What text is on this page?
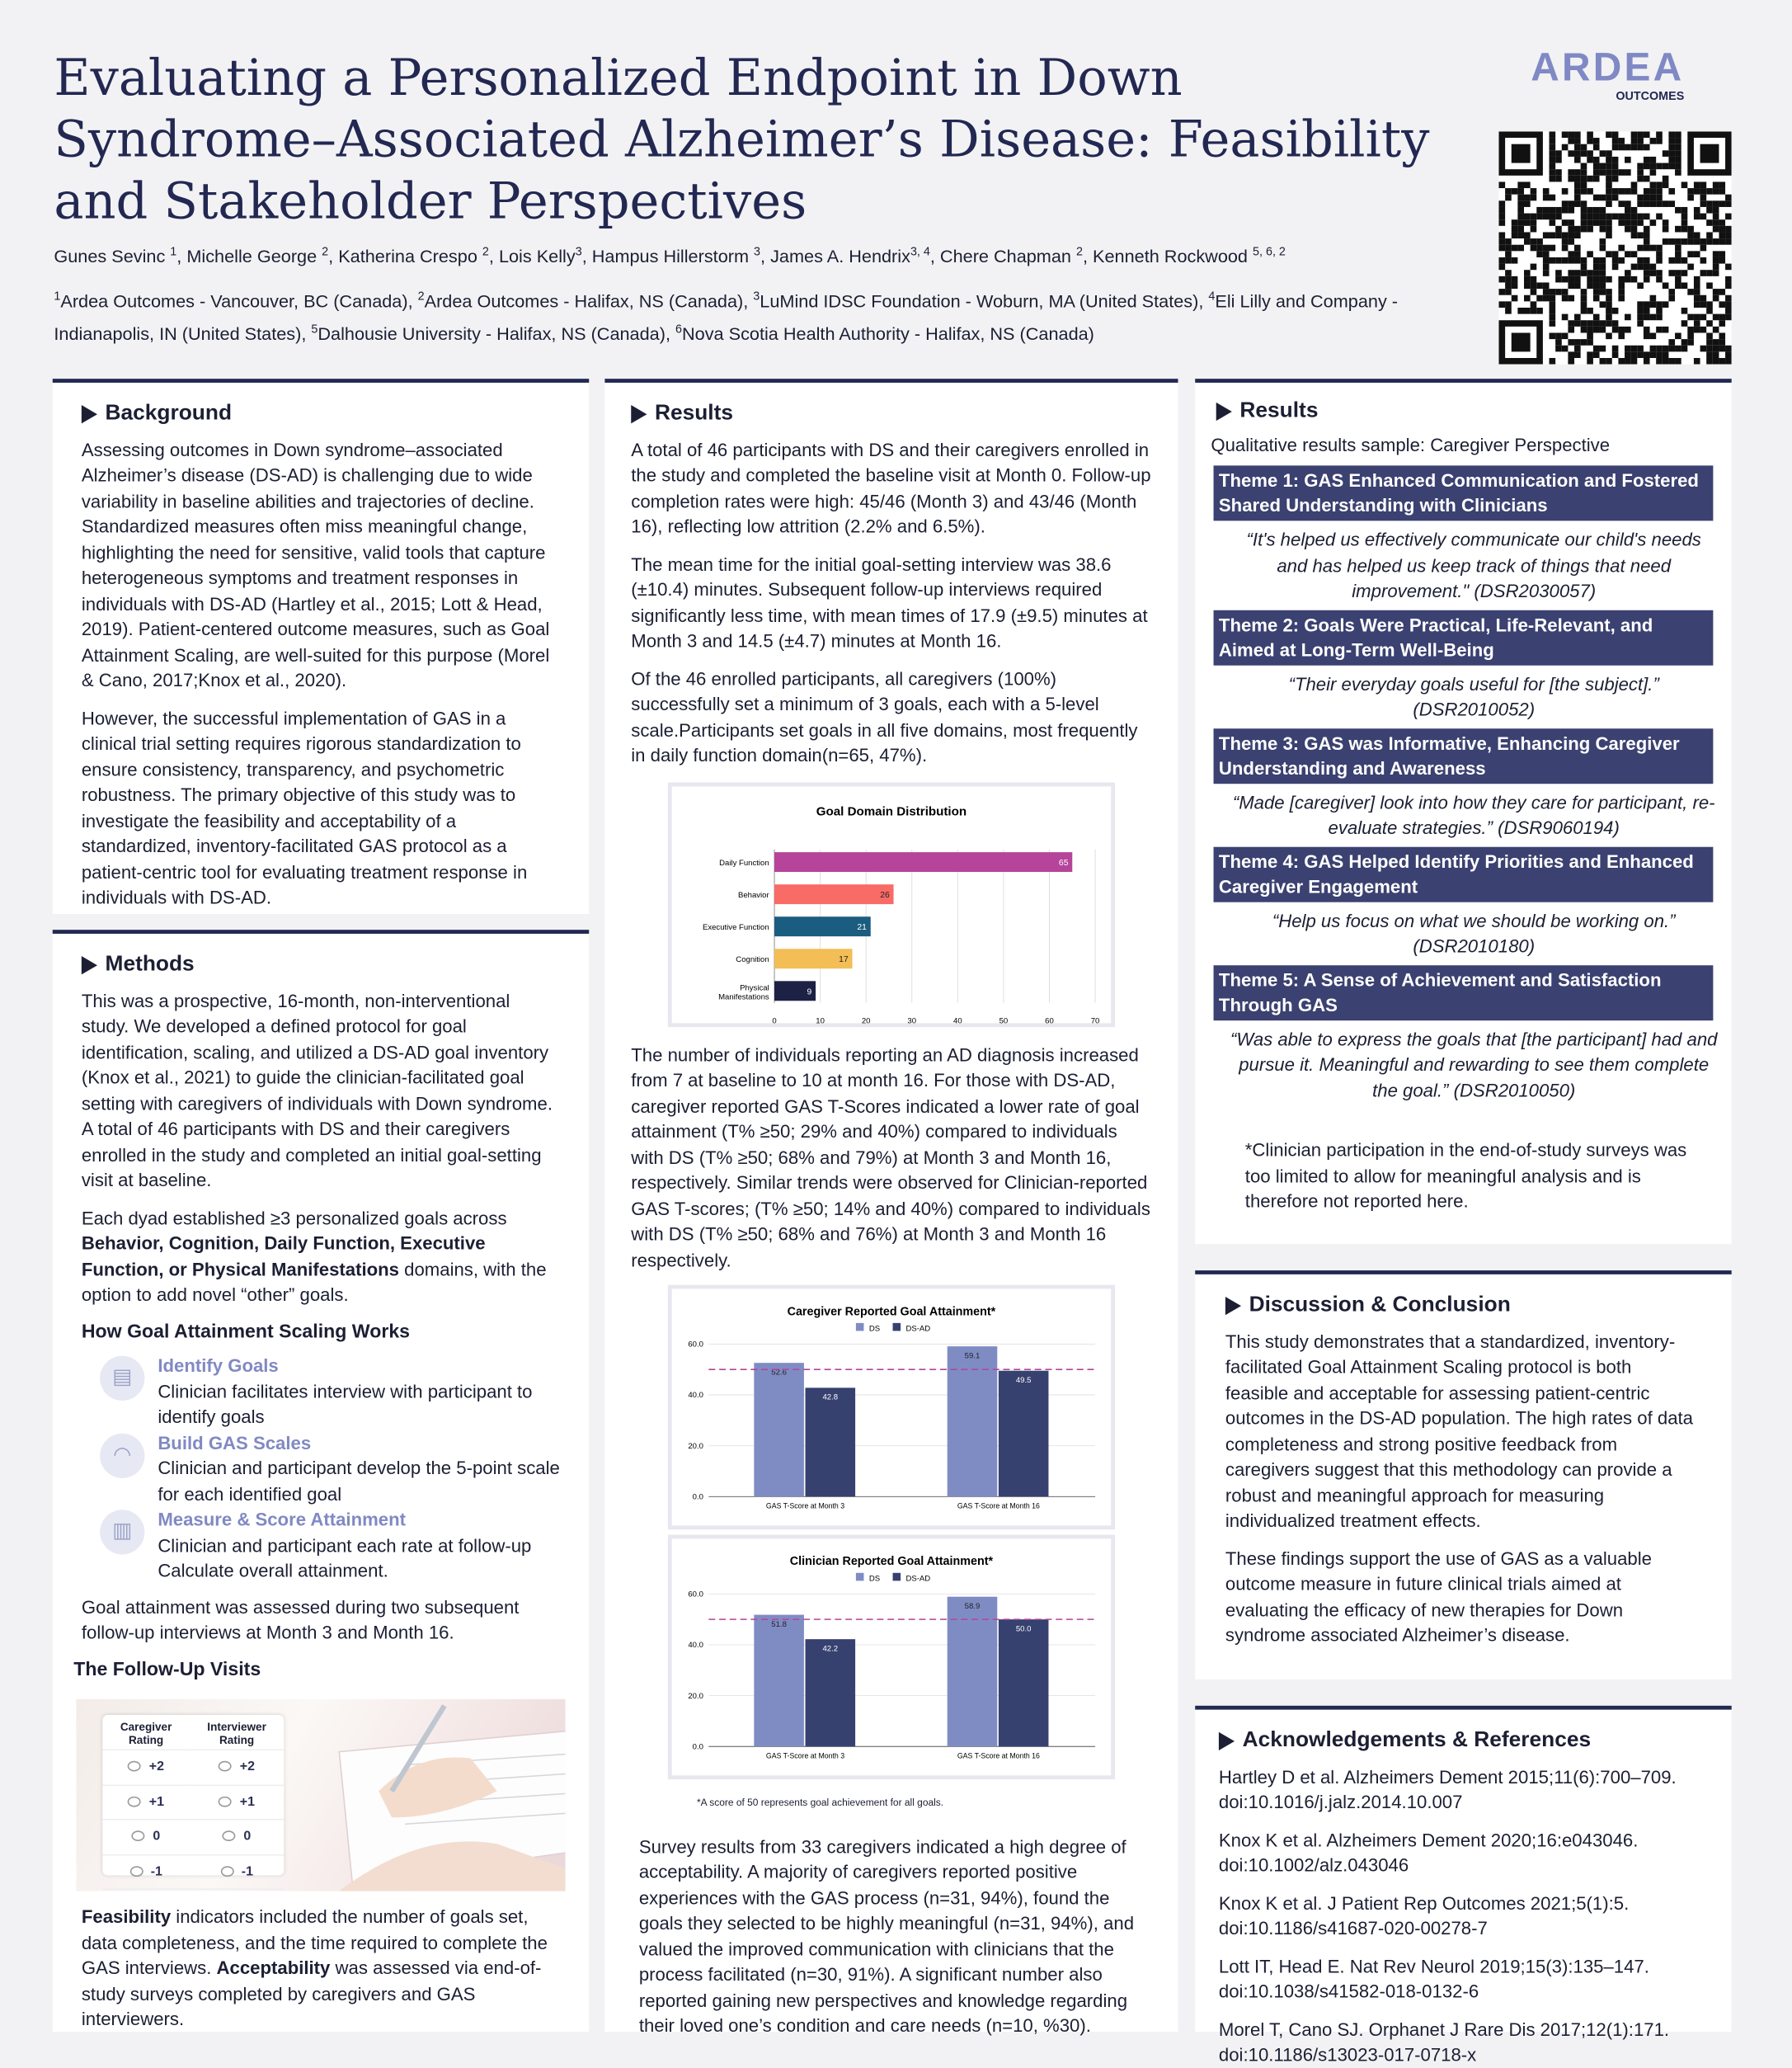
Evaluating a Personalized Endpoint in Down Syndrome–Associated Alzheimer’s Disease: Feasibility and Stakeholder Perspectives
Gunes Sevinc $^1$, Michelle George $^2$, Katherina Crespo $^2$, Lois Kelly$^3$, Hampus Hillerstorm $^3$, James A. Hendrix$^{3, 4}$, Chere Chapman $^2$, Kenneth Rockwood $^{5, 6, 2}$
$^1$Ardea Outcomes - Vancouver, BC (Canada), $^2$Ardea Outcomes - Halifax, NS (Canada), $^3$LuMind IDSC Foundation - Woburn, MA (United States), $^4$Eli Lilly and Company - Indianapolis, IN (United States), $^5$Dalhousie University - Halifax, NS (Canada), $^6$Nova Scotia Health Authority - Halifax, NS (Canada)
ARDEA
OUTCOMES
Background

Assessing outcomes in Down syndrome–associated Alzheimer’s disease (DS-AD) is challenging due to wide variability in baseline abilities and trajectories of decline. Standardized measures often miss meaningful change, highlighting the need for sensitive, valid tools that capture heterogeneous symptoms and treatment responses in individuals with DS-AD (Hartley et al., 2015; Lott & Head, 2019). Patient-centered outcome measures, such as Goal Attainment Scaling, are well-suited for this purpose (Morel & Cano, 2017;Knox et al., 2020).

However, the successful implementation of GAS in a clinical trial setting requires rigorous standardization to ensure consistency, transparency, and psychometric robustness. The primary objective of this study was to investigate the feasibility and acceptability of a standardized, inventory-facilitated GAS protocol as a patient-centric tool for evaluating treatment response in individuals with DS-AD.

Methods

This was a prospective, 16-month, non-interventional study. We developed a defined protocol for goal identification, scaling, and utilized a DS-AD goal inventory (Knox et al., 2021) to guide the clinician-facilitated goal setting with caregivers of individuals with Down syndrome. A total of 46 participants with DS and their caregivers enrolled in the study and completed an initial goal-setting visit at baseline.

Each dyad established ≥3 personalized goals across Behavior, Cognition, Daily Function, Executive Function, or Physical Manifestations domains, with the option to add novel “other” goals.

How Goal Attainment Scaling Works
▤
Identify Goals
Clinician facilitates interview with participant to identify goals
◠
Build GAS Scales
Clinician and participant develop the 5-point scale for each identified goal
▥
Measure & Score Attainment
Clinician and participant each rate at follow-up Calculate overall attainment.

Goal attainment was assessed during two subsequent follow-up interviews at Month 3 and Month 16.

The Follow-Up Visits
Caregiver Rating	Interviewer Rating
+2	+2
+1	+1
0	0
-1	-1

Feasibility indicators included the number of goals set, data completeness, and the time required to complete the GAS interviews. Acceptability was assessed via end-of-study surveys completed by caregivers and GAS interviewers.

Results

A total of 46 participants with DS and their caregivers enrolled in the study and completed the baseline visit at Month 0. Follow-up completion rates were high: 45/46 (Month 3) and 43/46 (Month 16), reflecting low attrition (2.2% and 6.5%).

The mean time for the initial goal-setting interview was 38.6 (±10.4) minutes. Subsequent follow-up interviews required significantly less time, with mean times of 17.9 (±9.5) minutes at Month 3 and 14.5 (±4.7) minutes at Month 16.

Of the 46 enrolled participants, all caregivers (100%) successfully set a minimum of 3 goals, each with a 5-level scale.Participants set goals in all five domains, most frequently in daily function domain(n=65, 47%).

Goal Domain Distribution
0	10	20	30	40	50	60	70
Daily Function	65
Behavior	26
Executive Function	21
Cognition	17
Physical
Manifestations
9

The number of individuals reporting an AD diagnosis increased from 7 at baseline to 10 at month 16. For those with DS-AD, caregiver reported GAS T-Scores indicated a lower rate of goal attainment (T% ≥50; 29% and 40%) compared to individuals with DS (T% ≥50; 68% and 79%) at Month 3 and Month 16, respectively. Similar trends were observed for Clinician-reported GAS T-scores; (T% ≥50; 14% and 40%) compared to individuals with DS (T% ≥50; 68% and 76%) at Month 3 and Month 16 respectively.

Caregiver Reported Goal Attainment*
DS	DS-AD
0.0
20.0
40.0
60.0
52.6
42.8
GAS T-Score at Month 3
59.1
49.5
GAS T-Score at Month 16
Clinician Reported Goal Attainment*
DS	DS-AD
0.0
20.0
40.0
60.0
51.8
42.2
GAS T-Score at Month 3
58.9
50.0
GAS T-Score at Month 16
*A score of 50 represents goal achievement for all goals.

Survey results from 33 caregivers indicated a high degree of acceptability. A majority of caregivers reported positive experiences with the GAS process (n=31, 94%), found the goals they selected to be highly meaningful (n=31, 94%), and valued the improved communication with clinicians that the process facilitated (n=30, 91%). A significant number also reported gaining new perspectives and knowledge regarding their loved one’s condition and care needs (n=10, %30).

Results
Qualitative results sample: Caregiver Perspective
Theme 1: GAS Enhanced Communication and Fostered Shared Understanding with Clinicians
“It's helped us effectively communicate our child's needs and has helped us keep track of things that need improvement." (DSR2030057)
Theme 2: Goals Were Practical, Life-Relevant, and Aimed at Long-Term Well-Being
“Their everyday goals useful for [the subject].” (DSR2010052)
Theme 3: GAS was Informative, Enhancing Caregiver Understanding and Awareness
“Made [caregiver] look into how they care for participant, re-evaluate strategies.” (DSR9060194)
Theme 4: GAS Helped Identify Priorities and Enhanced Caregiver Engagement
“Help us focus on what we should be working on.” (DSR2010180)
Theme 5: A Sense of Achievement and Satisfaction Through GAS
“Was able to express the goals that [the participant] had and pursue it. Meaningful and rewarding to see them complete the goal.” (DSR2010050)

*Clinician participation in the end-of-study surveys was too limited to allow for meaningful analysis and is therefore not reported here.

Discussion & Conclusion

This study demonstrates that a standardized, inventory-facilitated Goal Attainment Scaling protocol is both feasible and acceptable for assessing patient-centric outcomes in the DS-AD population. The high rates of data completeness and strong positive feedback from caregivers suggest that this methodology can provide a robust and meaningful approach for measuring individualized treatment effects.

These findings support the use of GAS as a valuable outcome measure in future clinical trials aimed at evaluating the efficacy of new therapies for Down syndrome associated Alzheimer’s disease.

Acknowledgements & References

Hartley D et al. Alzheimers Dement 2015;11(6):700–709. doi:10.1016/j.jalz.2014.10.007

Knox K et al. Alzheimers Dement 2020;16:e043046. doi:10.1002/alz.043046

Knox K et al. J Patient Rep Outcomes 2021;5(1):5. doi:10.1186/s41687-020-00278-7

Lott IT, Head E. Nat Rev Neurol 2019;15(3):135–147. doi:10.1038/s41582-018-0132-6

Morel T, Cano SJ. Orphanet J Rare Dis 2017;12(1):171. doi:10.1186/s13023-017-0718-x
